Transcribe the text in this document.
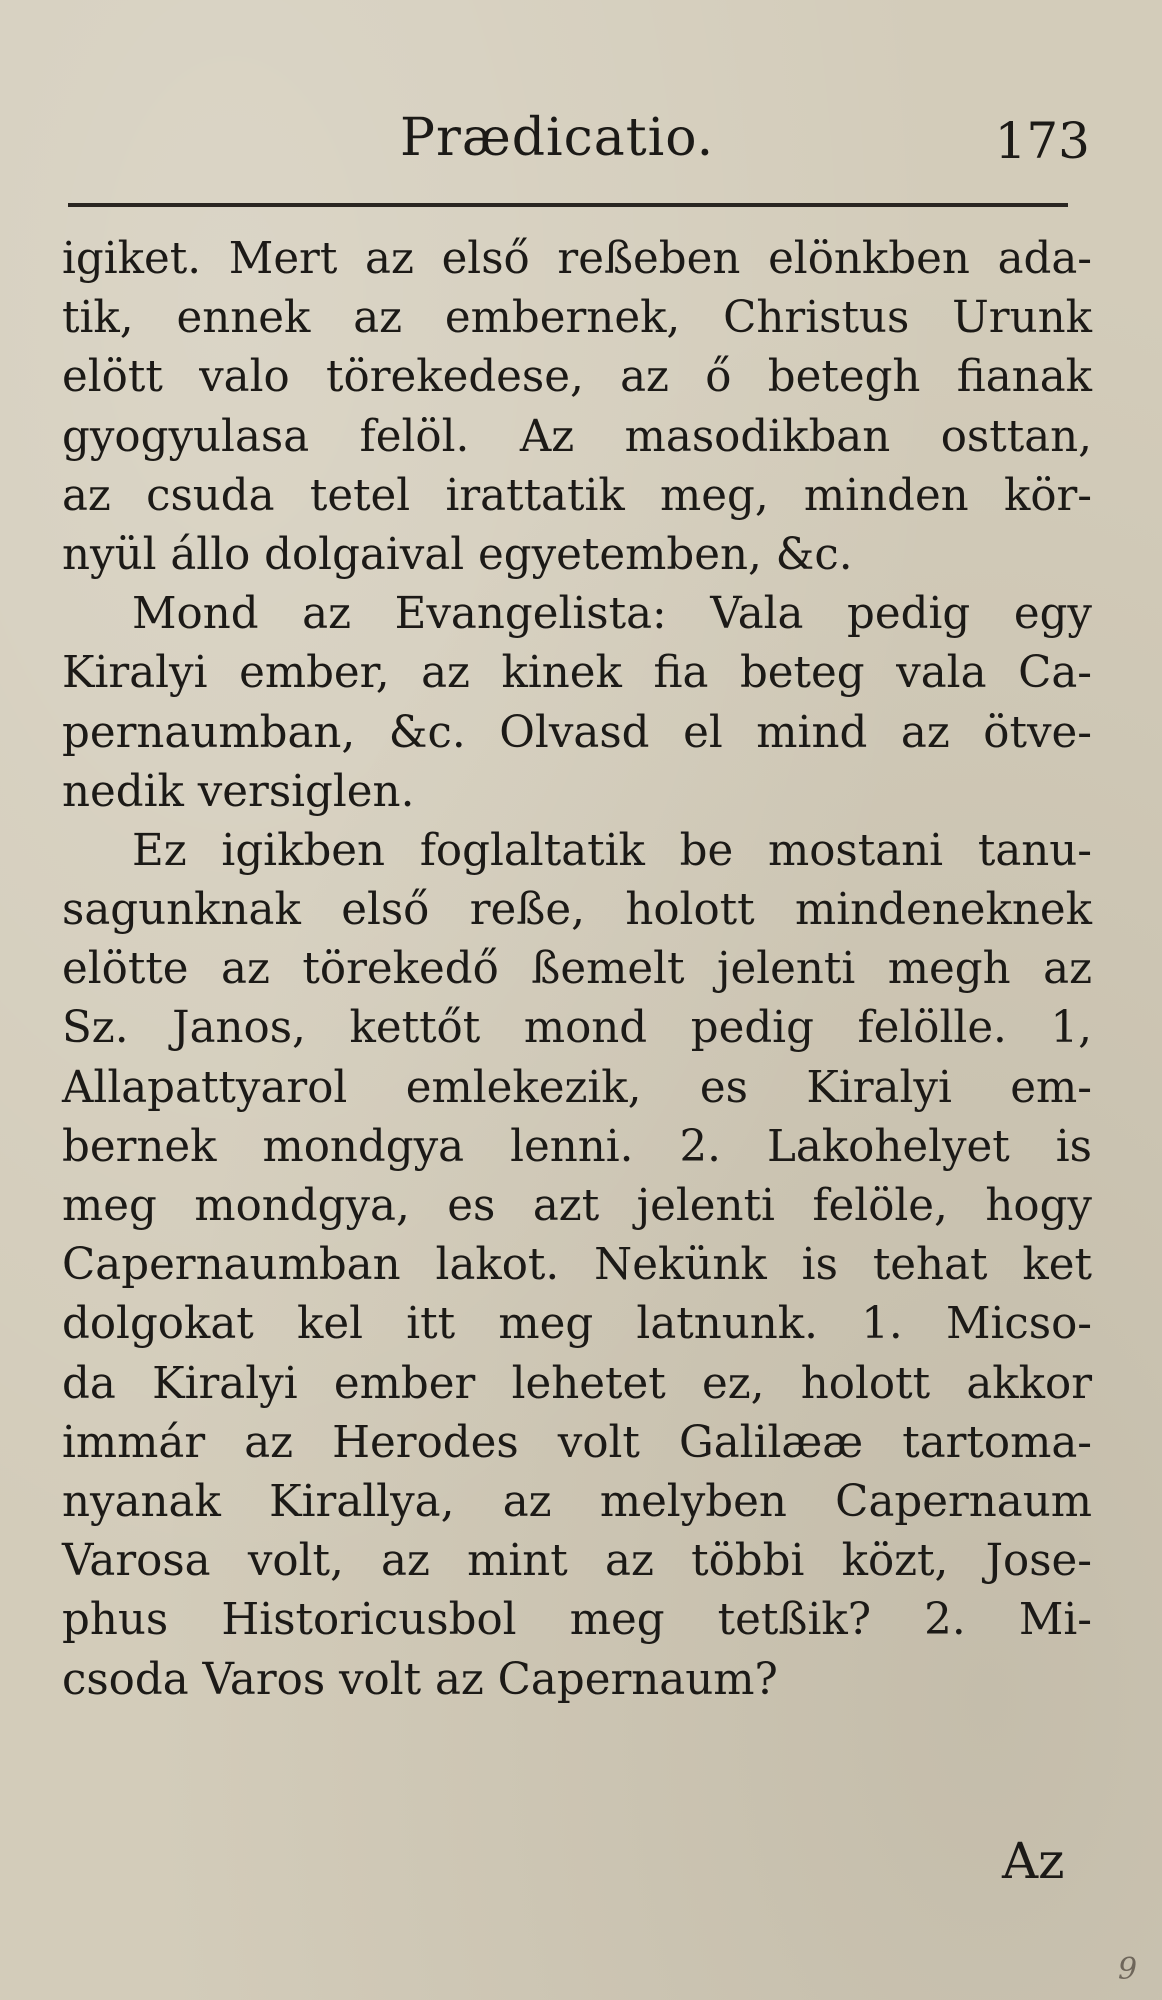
Prædicatio.	173
igiket. Mert az első reßeben elönkben ada-
tik, ennek az embernek, Christus Urunk
elött valo törekedese, az ő betegh fianak
gyogyulasa felöl. Az masodikban osttan,
az csuda tetel irattatik meg, minden kör-
nyül állo dolgaival egyetemben, &c.
Mond az Evangelista: Vala pedig egy
Kiralyi ember, az kinek fia beteg vala Ca-
pernaumban, &c. Olvasd el mind az ötve-
nedik versiglen.
Ez igikben foglaltatik be mostani tanu-
sagunknak első reße, holott mindeneknek
elötte az törekedő ßemelt jelenti megh az
Sz. Janos, kettőt mond pedig felölle. 1,
Allapattyarol emlekezik, es Kiralyi em-
bernek mondgya lenni. 2. Lakohelyet is
meg mondgya, es azt jelenti felöle, hogy
Capernaumban lakot. Nekünk is tehat ket
dolgokat kel itt meg latnunk. 1. Micso-
da Kiralyi ember lehetet ez, holott akkor
immár az Herodes volt Galilææ tartoma-
nyanak Kirallya, az melyben Capernaum
Varosa volt, az mint az többi közt, Jose-
phus Historicusbol meg tetßik? 2. Mi-
csoda Varos volt az Capernaum?
Az
9
